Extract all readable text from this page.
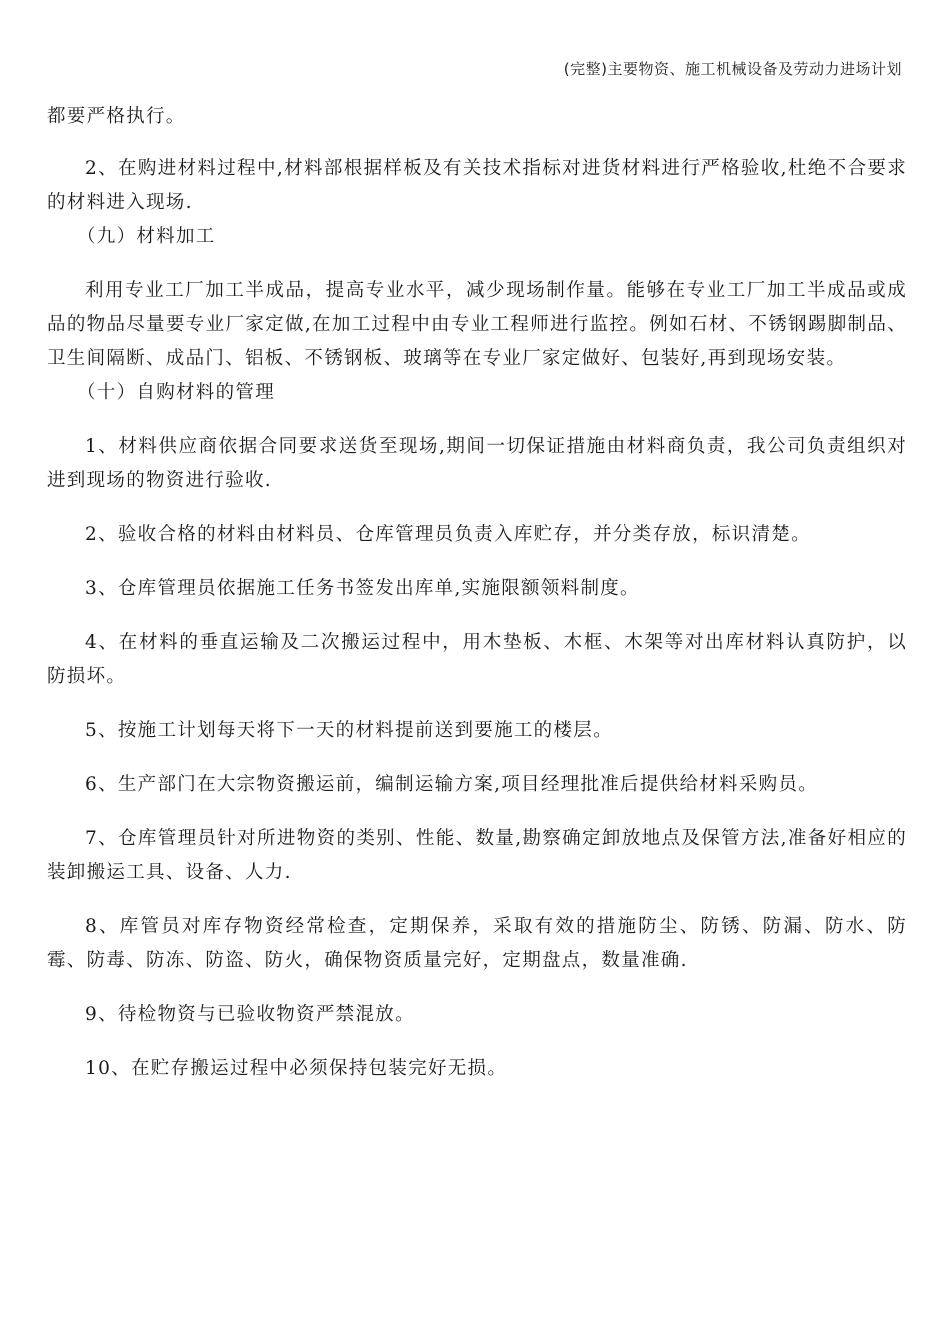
(完整)主要物资、施工机械设备及劳动力进场计划

都要严格执行。

2、在购进材料过程中,材料部根据样板及有关技术指标对进货材料进行严格验收,杜绝不合要求的材料进入现场.

（九）材料加工

利用专业工厂加工半成品，提高专业水平，减少现场制作量。能够在专业工厂加工半成品或成品的物品尽量要专业厂家定做,在加工过程中由专业工程师进行监控。例如石材、不锈钢踢脚制品、卫生间隔断、成品门、铝板、不锈钢板、玻璃等在专业厂家定做好、包装好,再到现场安装。

（十）自购材料的管理

1、材料供应商依据合同要求送货至现场,期间一切保证措施由材料商负责，我公司负责组织对进到现场的物资进行验收.

2、验收合格的材料由材料员、仓库管理员负责入库贮存，并分类存放，标识清楚。

3、仓库管理员依据施工任务书签发出库单,实施限额领料制度。

4、在材料的垂直运输及二次搬运过程中，用木垫板、木框、木架等对出库材料认真防护，以防损坏。

5、按施工计划每天将下一天的材料提前送到要施工的楼层。

6、生产部门在大宗物资搬运前，编制运输方案,项目经理批准后提供给材料采购员。

7、仓库管理员针对所进物资的类别、性能、数量,勘察确定卸放地点及保管方法,准备好相应的装卸搬运工具、设备、人力.

8、库管员对库存物资经常检查，定期保养，采取有效的措施防尘、防锈、防漏、防水、防霉、防毒、防冻、防盗、防火，确保物资质量完好，定期盘点，数量准确.

9、待检物资与已验收物资严禁混放。

10、在贮存搬运过程中必须保持包装完好无损。
